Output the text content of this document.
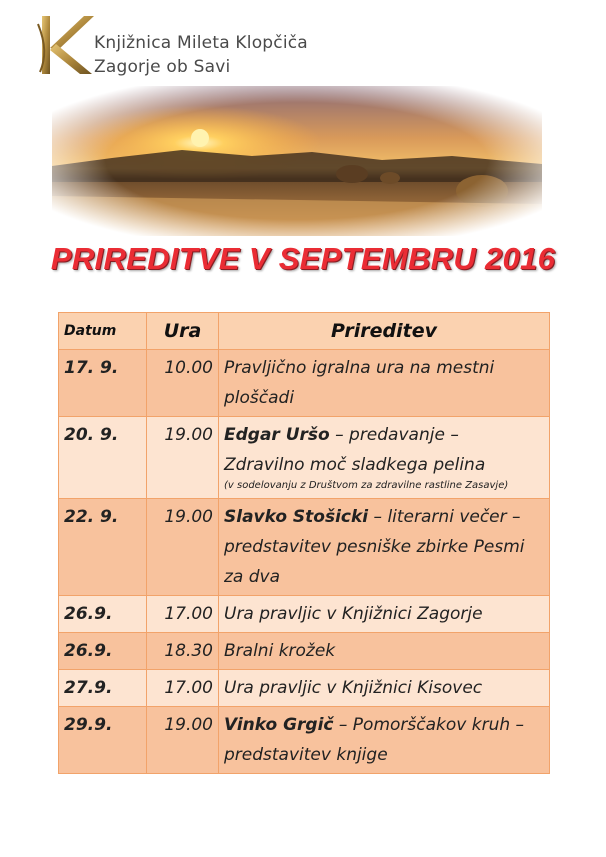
Knjižnica Mileta Klopčiča
Zagorje ob Savi
PRIREDITVE V SEPTEMBRU 2016
Datum	Ura	Prireditev
17. 9.	10.00	Pravljično igralna ura na mestni ploščadi
20. 9.	19.00	Edgar Uršo – predavanje – Zdravilno moč sladkega pelina
(v sodelovanju z Društvom za zdravilne rastline Zasavje)

22. 9.	19.00	Slavko Stošicki – literarni večer – predstavitev pesniške zbirke Pesmi za dva
26.9.	17.00	Ura pravljic v Knjižnici Zagorje
26.9.	18.30	Bralni krožek
27.9.	17.00	Ura pravljic v Knjižnici Kisovec
29.9.	19.00	Vinko Grgič – Pomorščakov kruh – predstavitev knjige
